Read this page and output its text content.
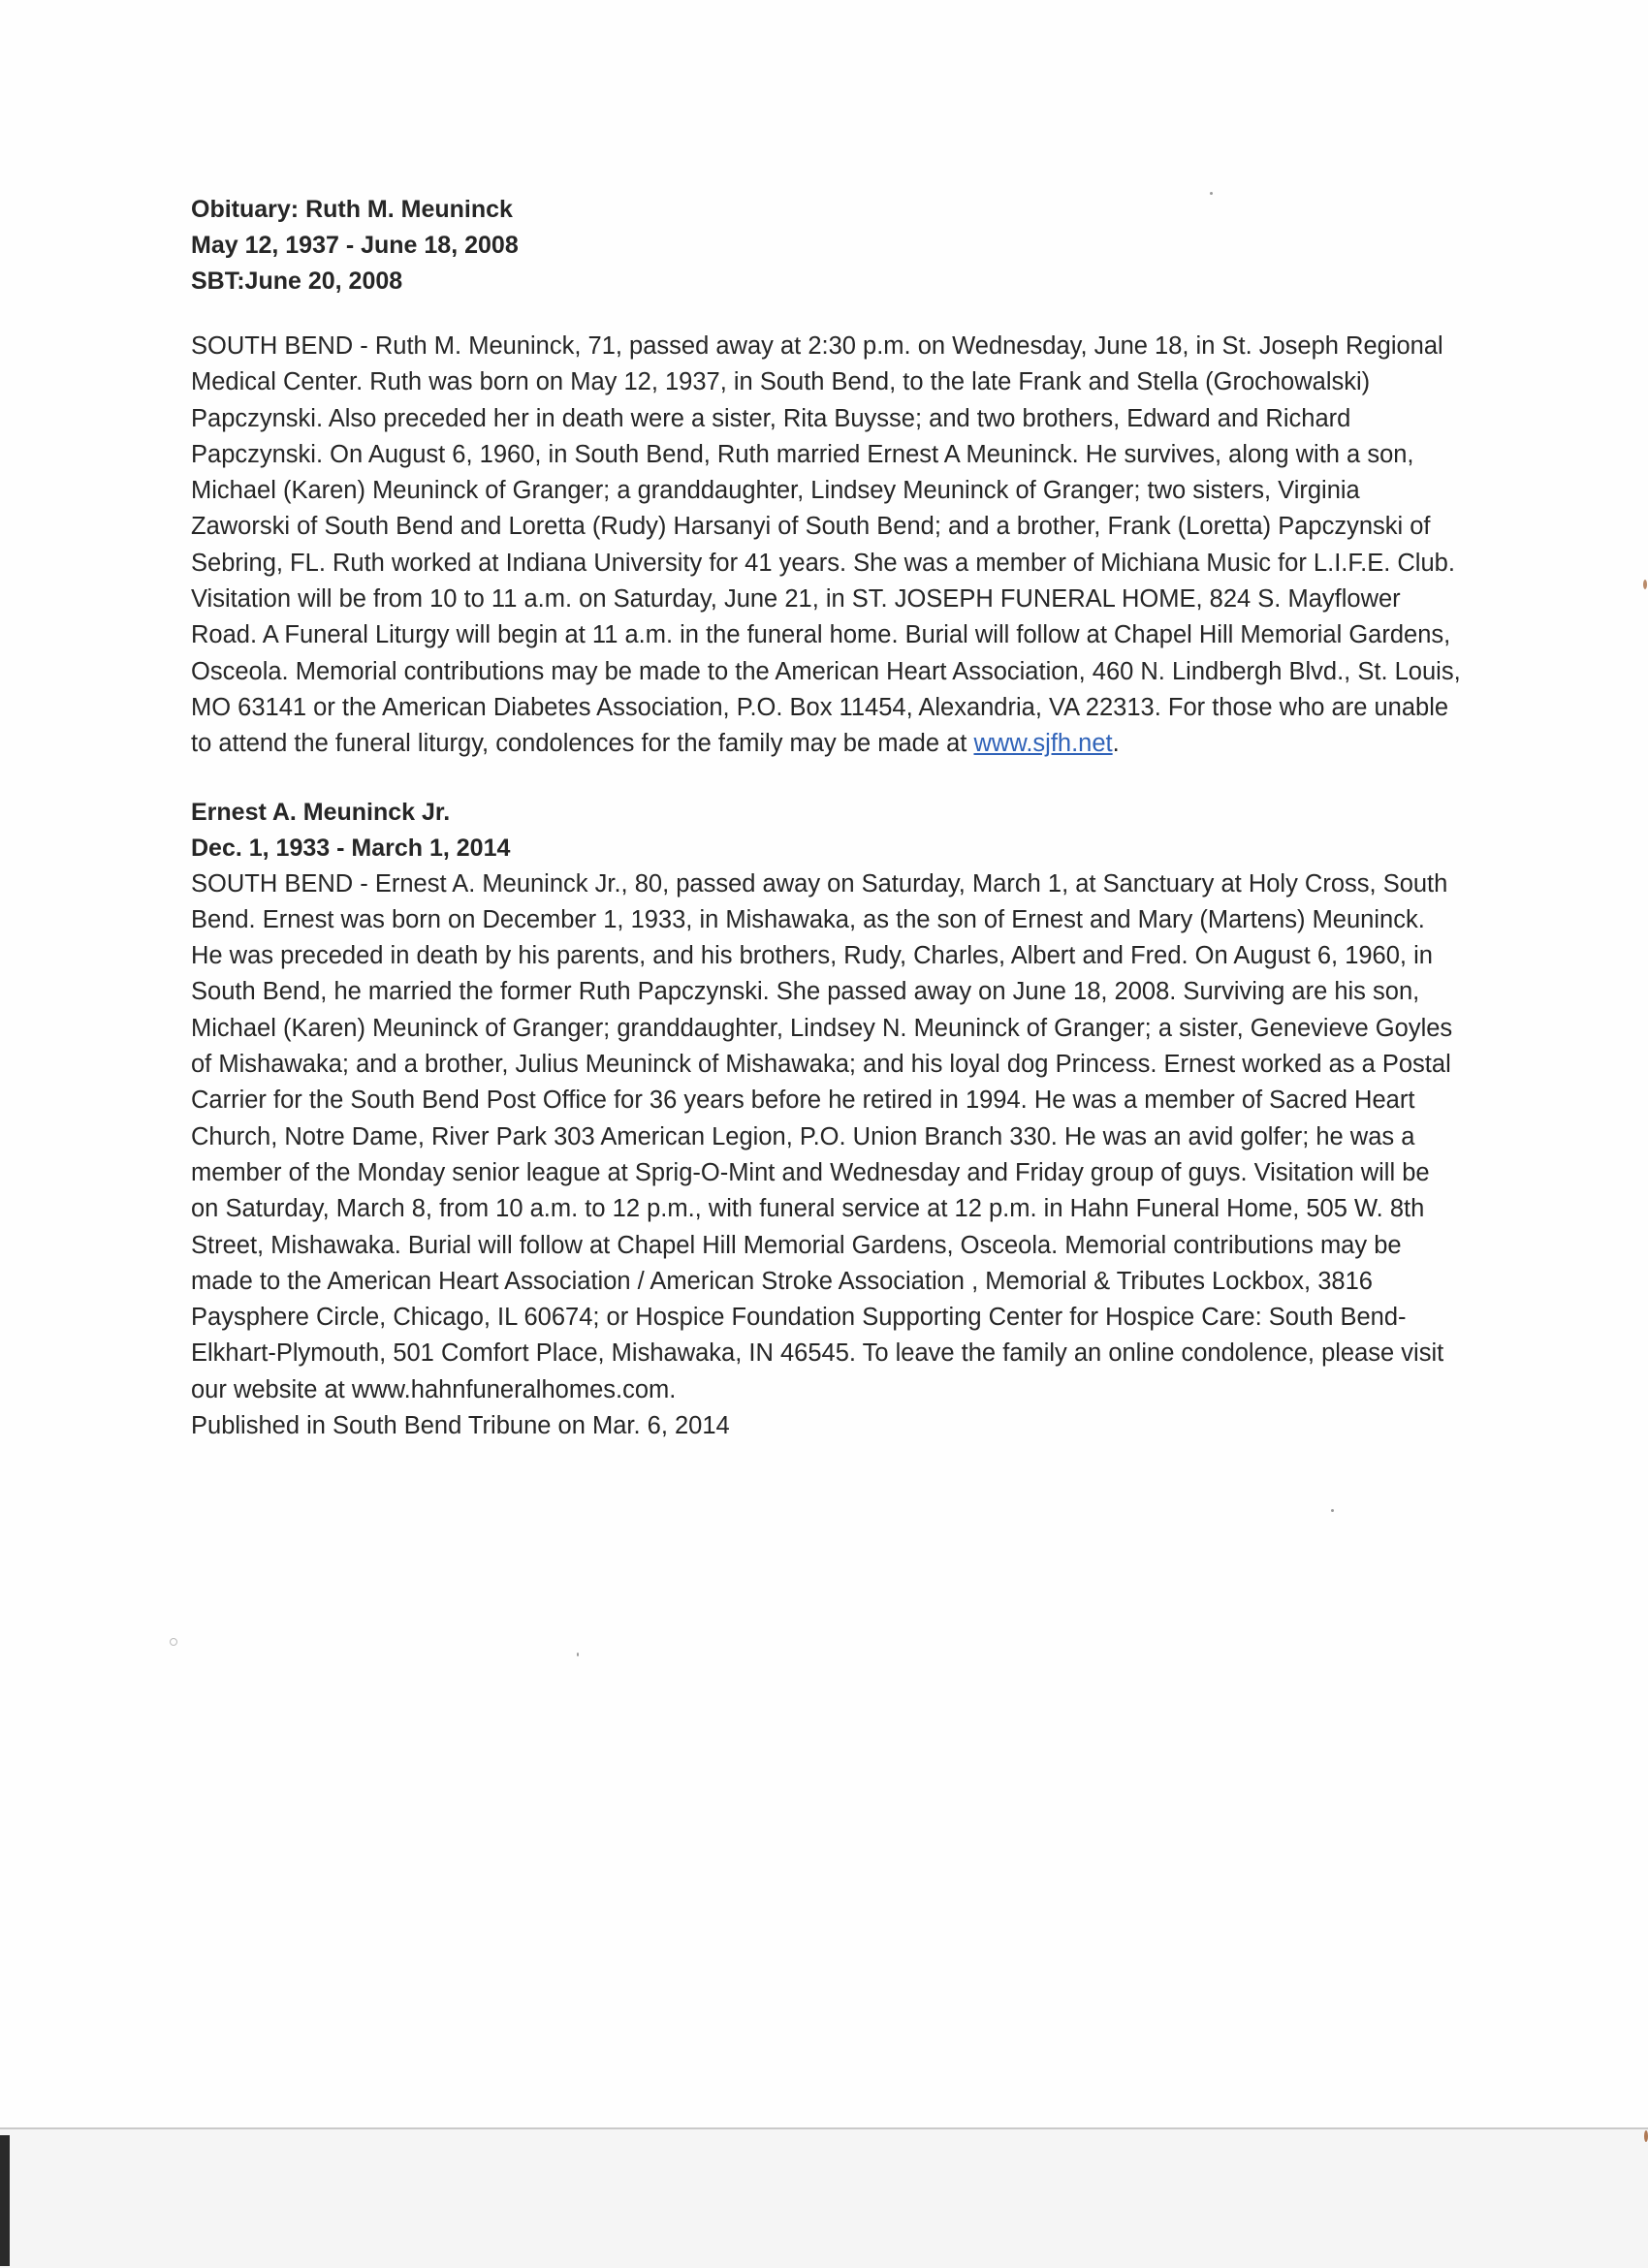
Obituary: Ruth M. Meuninck

May 12, 1937 - June 18, 2008

SBT:June 20, 2008

SOUTH BEND - Ruth M. Meuninck, 71, passed away at 2:30 p.m. on Wednesday, June 18, in St. Joseph Regional Medical Center. Ruth was born on May 12, 1937, in South Bend, to the late Frank and Stella (Grochowalski) Papczynski. Also preceded her in death were a sister, Rita Buysse; and two brothers, Edward and Richard Papczynski. On August 6, 1960, in South Bend, Ruth married Ernest A Meuninck. He survives, along with a son, Michael (Karen) Meuninck of Granger; a granddaughter, Lindsey Meuninck of Granger; two sisters, Virginia Zaworski of South Bend and Loretta (Rudy) Harsanyi of South Bend; and a brother, Frank (Loretta) Papczynski of Sebring, FL. Ruth worked at Indiana University for 41 years. She was a member of Michiana Music for L.I.F.E. Club. Visitation will be from 10 to 11 a.m. on Saturday, June 21, in ST. JOSEPH FUNERAL HOME, 824 S. Mayflower Road. A Funeral Liturgy will begin at 11 a.m. in the funeral home. Burial will follow at Chapel Hill Memorial Gardens, Osceola. Memorial contributions may be made to the American Heart Association, 460 N. Lindbergh Blvd., St. Louis, MO 63141 or the American Diabetes Association, P.O. Box 11454, Alexandria, VA 22313. For those who are unable to attend the funeral liturgy, condolences for the family may be made at www.sjfh.net.

Ernest A. Meuninck Jr.

Dec. 1, 1933 - March 1, 2014

SOUTH BEND - Ernest A. Meuninck Jr., 80, passed away on Saturday, March 1, at Sanctuary at Holy Cross, South Bend. Ernest was born on December 1, 1933, in Mishawaka, as the son of Ernest and Mary (Martens) Meuninck. He was preceded in death by his parents, and his brothers, Rudy, Charles, Albert and Fred. On August 6, 1960, in South Bend, he married the former Ruth Papczynski. She passed away on June 18, 2008. Surviving are his son, Michael (Karen) Meuninck of Granger; granddaughter, Lindsey N. Meuninck of Granger; a sister, Genevieve Goyles of Mishawaka; and a brother, Julius Meuninck of Mishawaka; and his loyal dog Princess. Ernest worked as a Postal Carrier for the South Bend Post Office for 36 years before he retired in 1994. He was a member of Sacred Heart Church, Notre Dame, River Park 303 American Legion, P.O. Union Branch 330. He was an avid golfer; he was a member of the Monday senior league at Sprig-O-Mint and Wednesday and Friday group of guys. Visitation will be on Saturday, March 8, from 10 a.m. to 12 p.m., with funeral service at 12 p.m. in Hahn Funeral Home, 505 W. 8th Street, Mishawaka. Burial will follow at Chapel Hill Memorial Gardens, Osceola. Memorial contributions may be made to the American Heart Association / American Stroke Association , Memorial & Tributes Lockbox, 3816 Paysphere Circle, Chicago, IL 60674; or Hospice Foundation Supporting Center for Hospice Care: South Bend-Elkhart-Plymouth, 501 Comfort Place, Mishawaka, IN 46545. To leave the family an online condolence, please visit our website at www.hahnfuneralhomes.com.

Published in South Bend Tribune on Mar. 6, 2014
